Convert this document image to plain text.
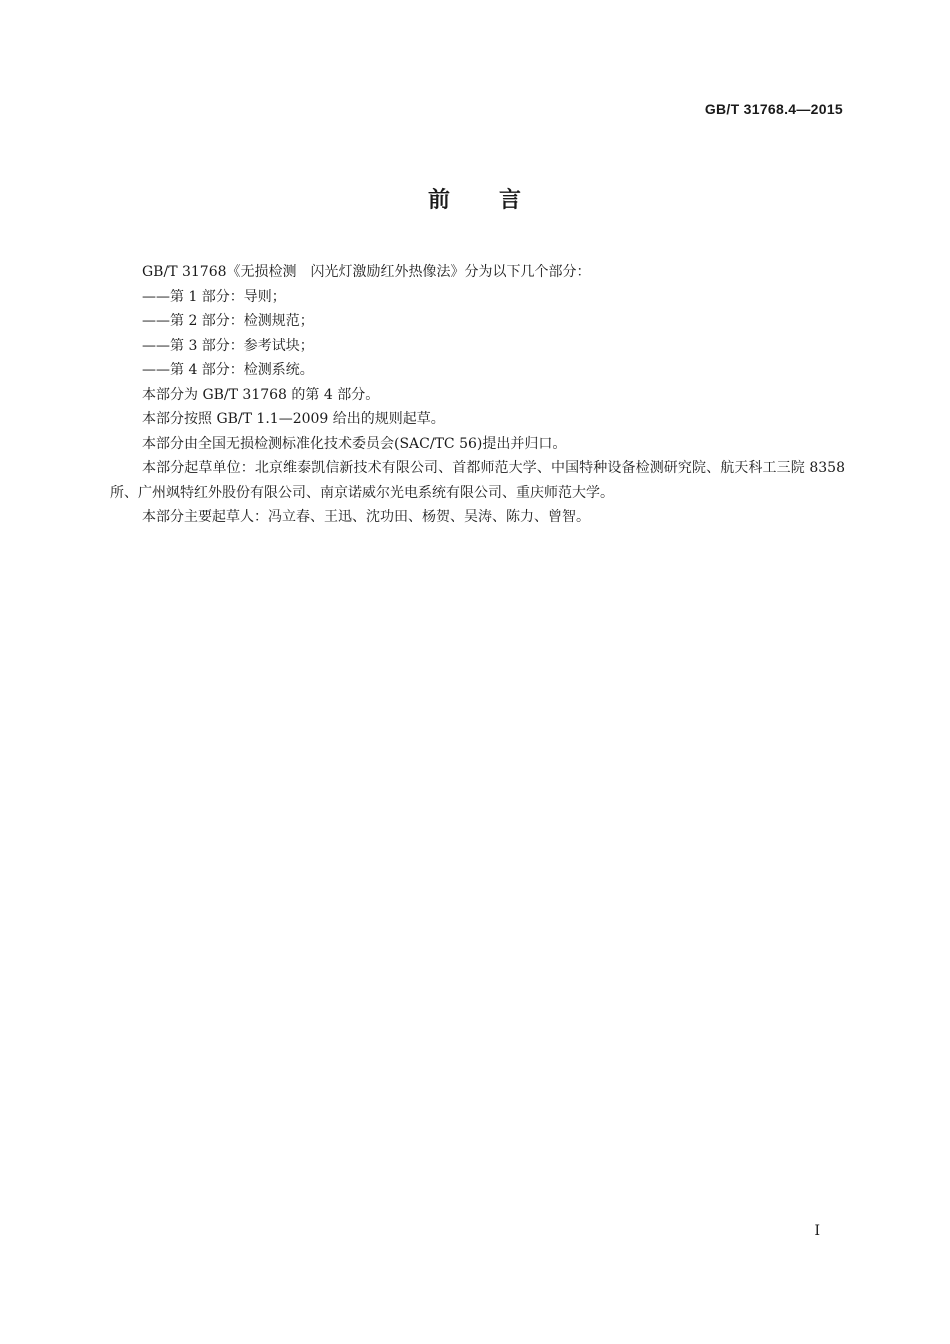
GB/T 31768.4—2015
前 言

GB/T 31768《无损检测　闪光灯激励红外热像法》分为以下几个部分：

——第 1 部分：导则；

——第 2 部分：检测规范；

——第 3 部分：参考试块；

——第 4 部分：检测系统。

本部分为 GB/T 31768 的第 4 部分。

本部分按照 GB/T 1.1—2009 给出的规则起草。

本部分由全国无损检测标准化技术委员会(SAC/TC 56)提出并归口。

本部分起草单位：北京维泰凯信新技术有限公司、首都师范大学、中国特种设备检测研究院、航天科工三院 8358 所、广州飒特红外股份有限公司、南京诺威尔光电系统有限公司、重庆师范大学。

本部分主要起草人：冯立春、王迅、沈功田、杨贺、吴涛、陈力、曾智。

I
